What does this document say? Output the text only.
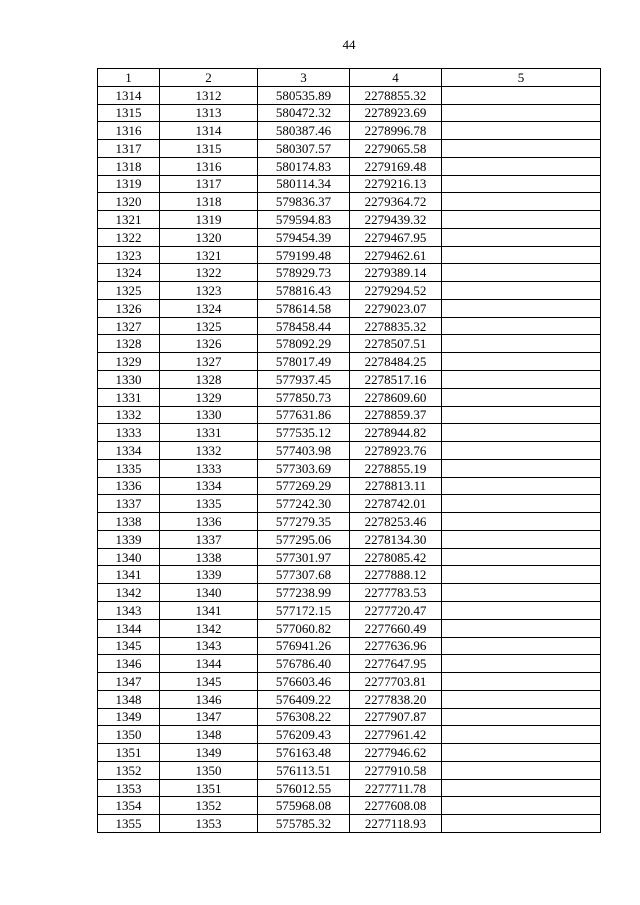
44
1	2	3	4	5
1314	1312	580535.89	2278855.32	
1315	1313	580472.32	2278923.69	
1316	1314	580387.46	2278996.78	
1317	1315	580307.57	2279065.58	
1318	1316	580174.83	2279169.48	
1319	1317	580114.34	2279216.13	
1320	1318	579836.37	2279364.72	
1321	1319	579594.83	2279439.32	
1322	1320	579454.39	2279467.95	
1323	1321	579199.48	2279462.61	
1324	1322	578929.73	2279389.14	
1325	1323	578816.43	2279294.52	
1326	1324	578614.58	2279023.07	
1327	1325	578458.44	2278835.32	
1328	1326	578092.29	2278507.51	
1329	1327	578017.49	2278484.25	
1330	1328	577937.45	2278517.16	
1331	1329	577850.73	2278609.60	
1332	1330	577631.86	2278859.37	
1333	1331	577535.12	2278944.82	
1334	1332	577403.98	2278923.76	
1335	1333	577303.69	2278855.19	
1336	1334	577269.29	2278813.11	
1337	1335	577242.30	2278742.01	
1338	1336	577279.35	2278253.46	
1339	1337	577295.06	2278134.30	
1340	1338	577301.97	2278085.42	
1341	1339	577307.68	2277888.12	
1342	1340	577238.99	2277783.53	
1343	1341	577172.15	2277720.47	
1344	1342	577060.82	2277660.49	
1345	1343	576941.26	2277636.96	
1346	1344	576786.40	2277647.95	
1347	1345	576603.46	2277703.81	
1348	1346	576409.22	2277838.20	
1349	1347	576308.22	2277907.87	
1350	1348	576209.43	2277961.42	
1351	1349	576163.48	2277946.62	
1352	1350	576113.51	2277910.58	
1353	1351	576012.55	2277711.78	
1354	1352	575968.08	2277608.08	
1355	1353	575785.32	2277118.93	
